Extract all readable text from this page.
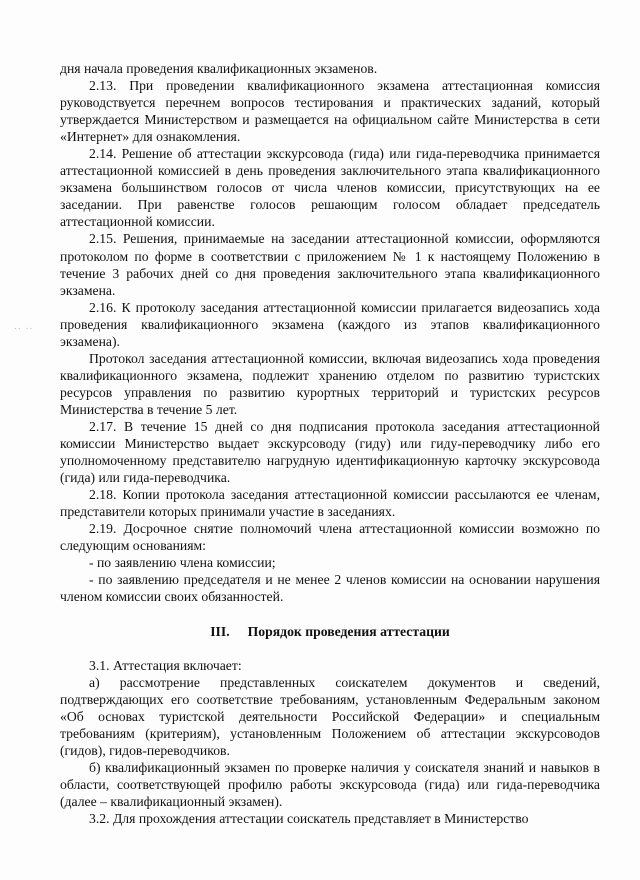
.. ..

дня начала проведения квалификационных экзаменов.

2.13. При проведении квалификационного экзамена аттестационная комиссия руководствуется перечнем вопросов тестирования и практических заданий, который утверждается Министерством и размещается на официальном сайте Министерства в сети «Интернет» для ознакомления.

2.14. Решение об аттестации экскурсовода (гида) или гида-переводчика принимается аттестационной комиссией в день проведения заключительного этапа квалификационного экзамена большинством голосов от числа членов комиссии, присутствующих на ее заседании. При равенстве голосов решающим голосом обладает председатель аттестационной комиссии.

2.15. Решения, принимаемые на заседании аттестационной комиссии, оформляются протоколом по форме в соответствии с приложением № 1 к настоящему Положению в течение 3 рабочих дней со дня проведения заключительного этапа квалификационного экзамена.

2.16. К протоколу заседания аттестационной комиссии прилагается видеозапись хода проведения квалификационного экзамена (каждого из этапов квалификационного экзамена).

Протокол заседания аттестационной комиссии, включая видеозапись хода проведения квалификационного экзамена, подлежит хранению отделом по развитию туристских ресурсов управления по развитию курортных территорий и туристских ресурсов Министерства в течение 5 лет.

2.17. В течение 15 дней со дня подписания протокола заседания аттестационной комиссии Министерство выдает экскурсоводу (гиду) или гиду-переводчику либо его уполномоченному представителю нагрудную идентификационную карточку экскурсовода (гида) или гида-переводчика.

2.18. Копии протокола заседания аттестационной комиссии рассылаются ее членам, представители которых принимали участие в заседаниях.

2.19. Досрочное снятие полномочий члена аттестационной комиссии возможно по следующим основаниям:

- по заявлению члена комиссии;

- по заявлению председателя и не менее 2 членов комиссии на основании нарушения членом комиссии своих обязанностей.

III. Порядок проведения аттестации

3.1. Аттестация включает:

а) рассмотрение представленных соискателем документов и сведений, подтверждающих его соответствие требованиям, установленным Федеральным законом «Об основах туристской деятельности Российской Федерации» и специальным требованиям (критериям), установленным Положением об аттестации экскурсоводов (гидов), гидов-переводчиков.

б) квалификационный экзамен по проверке наличия у соискателя знаний и навыков в области, соответствующей профилю работы экскурсовода (гида) или гида-переводчика (далее – квалификационный экзамен).

3.2. Для прохождения аттестации соискатель представляет в Министерство
